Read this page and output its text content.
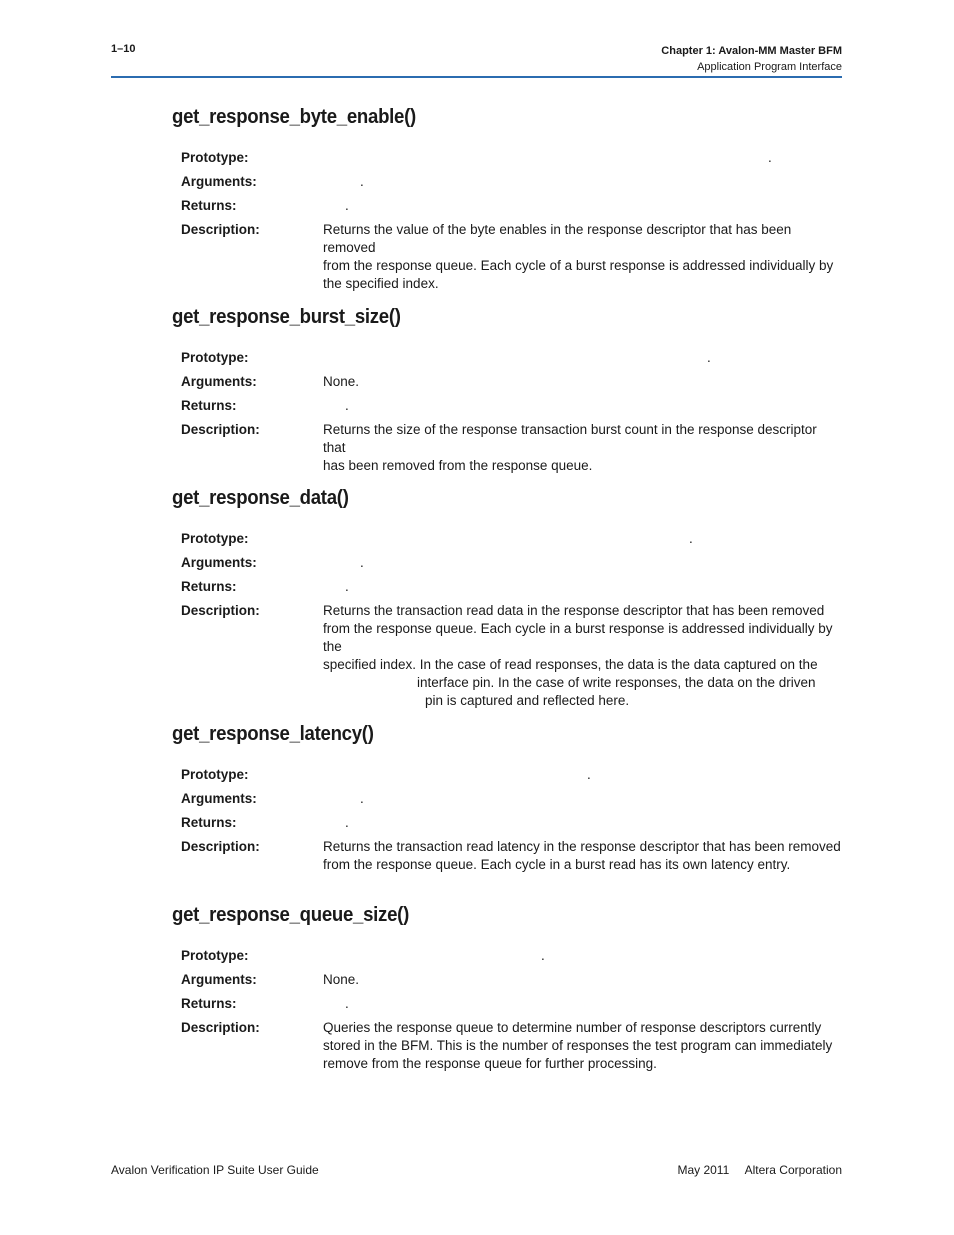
1–10	Chapter 1: Avalon-MM Master BFM
Application Program Interface
get_response_byte_enable()
Prototype:	.
Arguments:	.
Returns:	.
Description:	Returns the value of the byte enables in the response descriptor that has been removed
from the response queue. Each cycle of a burst response is addressed individually by
the specified index.
get_response_burst_size()
Prototype:	.
Arguments:	None.
Returns:	.
Description:	Returns the size of the response transaction burst count in the response descriptor that
has been removed from the response queue.
get_response_data()
Prototype:	.
Arguments:	.
Returns:	.
Description:	Returns the transaction read data in the response descriptor that has been removed
from the response queue. Each cycle in a burst response is addressed individually by the
specified index. In the case of read responses, the data is the data captured on the
interface pin. In the case of write responses, the data on the driven
pin is captured and reflected here.
get_response_latency()
Prototype:	.
Arguments:	.
Returns:	.
Description:	Returns the transaction read latency in the response descriptor that has been removed
from the response queue. Each cycle in a burst read has its own latency entry.
get_response_queue_size()
Prototype:	.
Arguments:	None.
Returns:	.
Description:	Queries the response queue to determine number of response descriptors currently
stored in the BFM. This is the number of responses the test program can immediately
remove from the response queue for further processing.
Avalon Verification IP Suite User Guide	May 2011 Altera Corporation
